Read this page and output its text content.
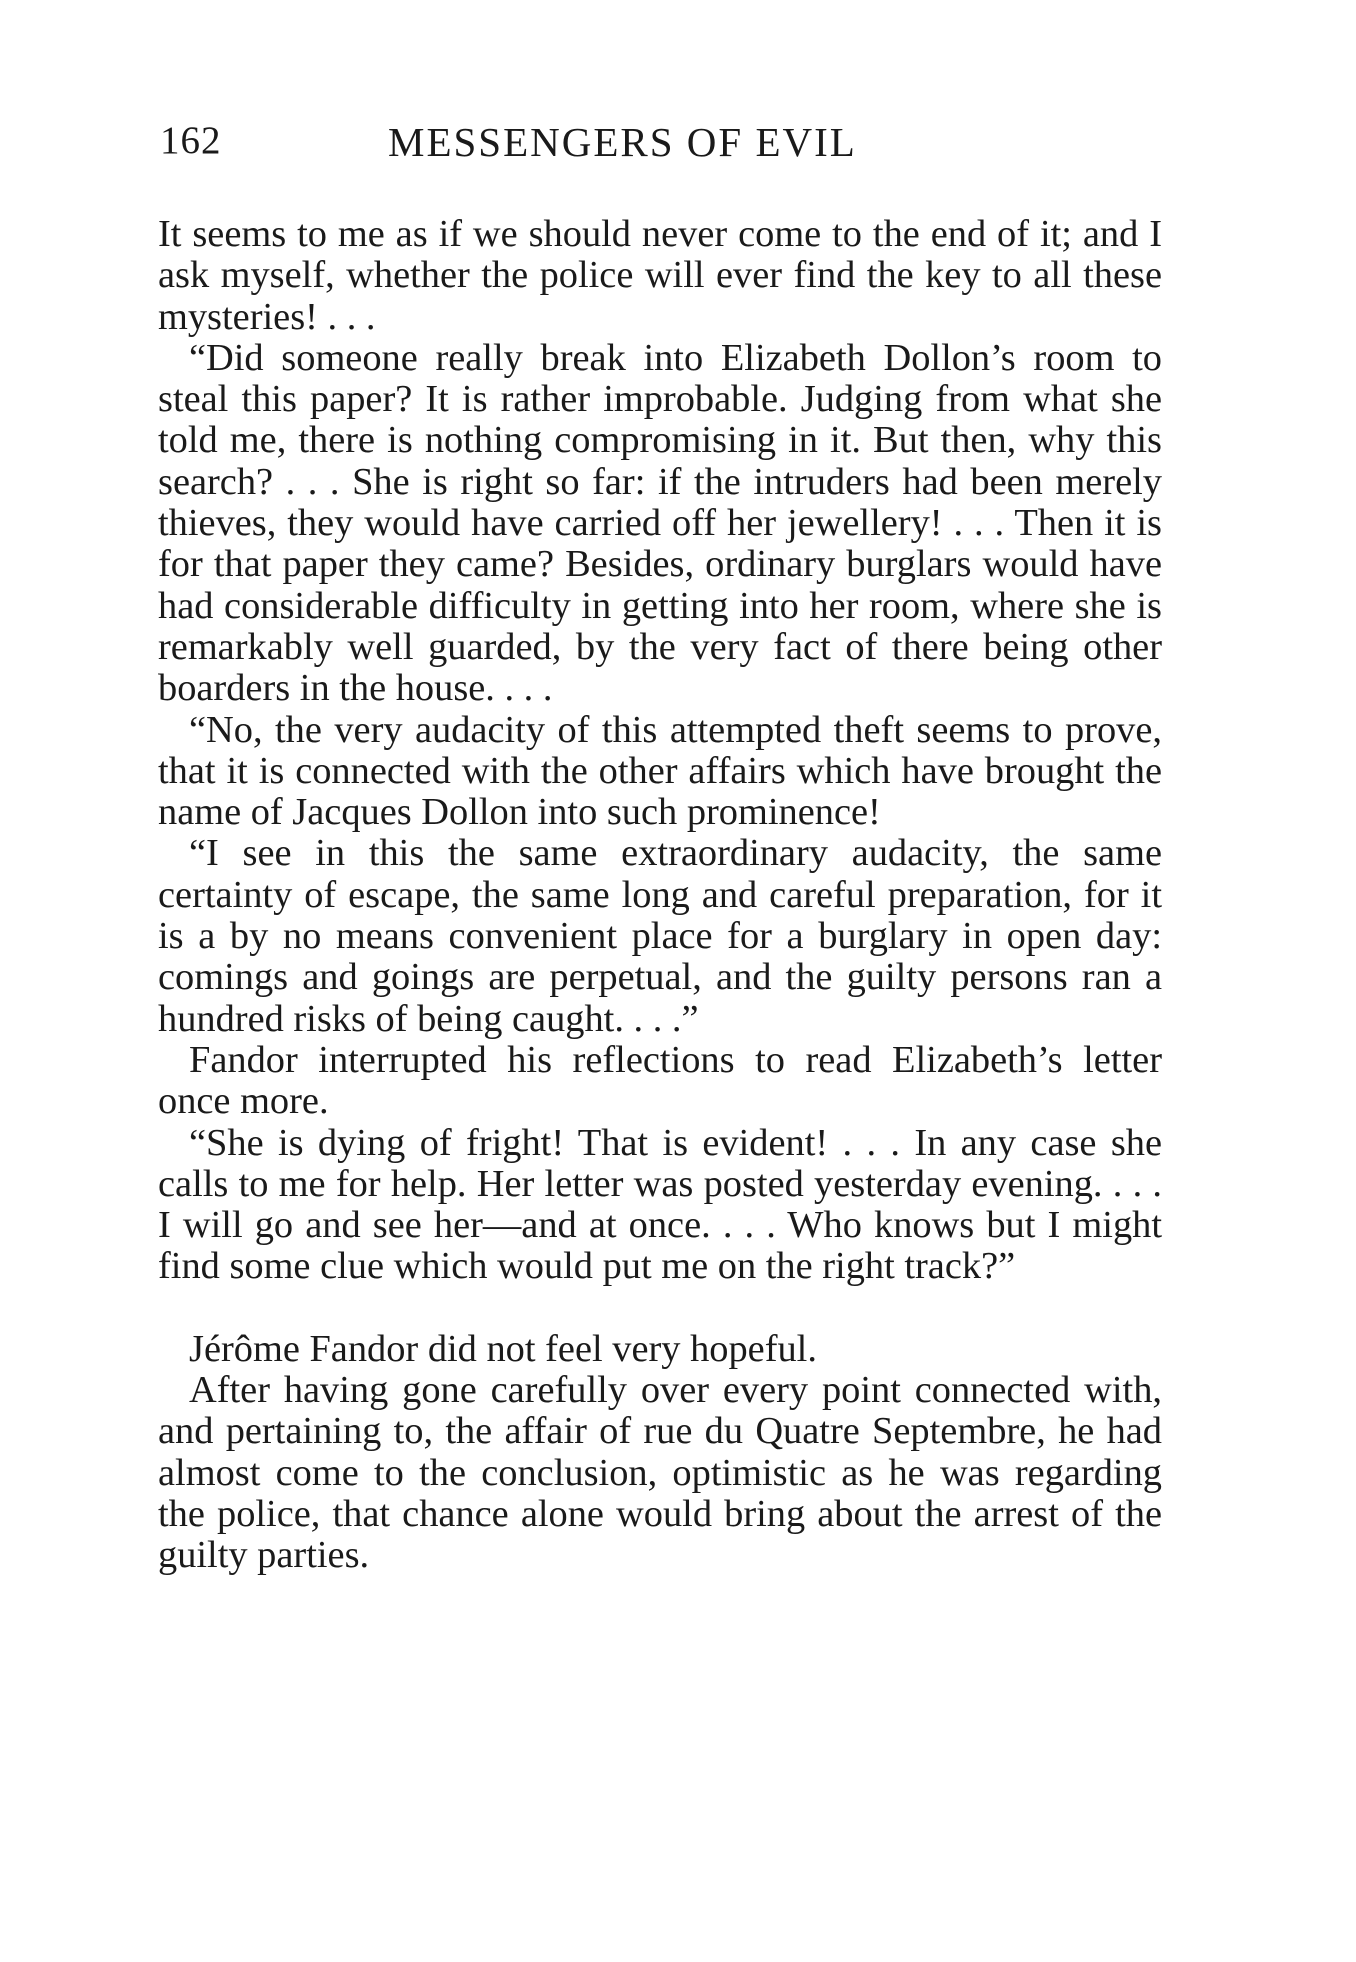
162	MESSENGERS OF EVIL

It seems to me as if we should never come to the end of it; and I ask myself, whether the police will ever find the key to all these mysteries! . . .

“Did someone really break into Elizabeth Dollon’s room to steal this paper? It is rather improbable. Judging from what she told me, there is nothing compromising in it. But then, why this search? . . . She is right so far: if the intruders had been merely thieves, they would have carried off her jewellery! . . . Then it is for that paper they came? Besides, ordinary burglars would have had considerable difficulty in getting into her room, where she is remarkably well guarded, by the very fact of there being other boarders in the house. . . .

“No, the very audacity of this attempted theft seems to prove, that it is connected with the other affairs which have brought the name of Jacques Dollon into such prominence!

“I see in this the same extraordinary audacity, the same certainty of escape, the same long and careful preparation, for it is a by no means convenient place for a burglary in open day: comings and goings are perpetual, and the guilty persons ran a hundred risks of being caught. . . .”

Fandor interrupted his reflections to read Elizabeth’s letter once more.

“She is dying of fright! That is evident! . . . In any case she calls to me for help. Her letter was posted yesterday evening. . . . I will go and see her—and at once. . . . Who knows but I might find some clue which would put me on the right track?”

Jérôme Fandor did not feel very hopeful.

After having gone carefully over every point connected with, and pertaining to, the affair of rue du Quatre Septembre, he had almost come to the conclusion, optimistic as he was regarding the police, that chance alone would bring about the arrest of the guilty parties.
